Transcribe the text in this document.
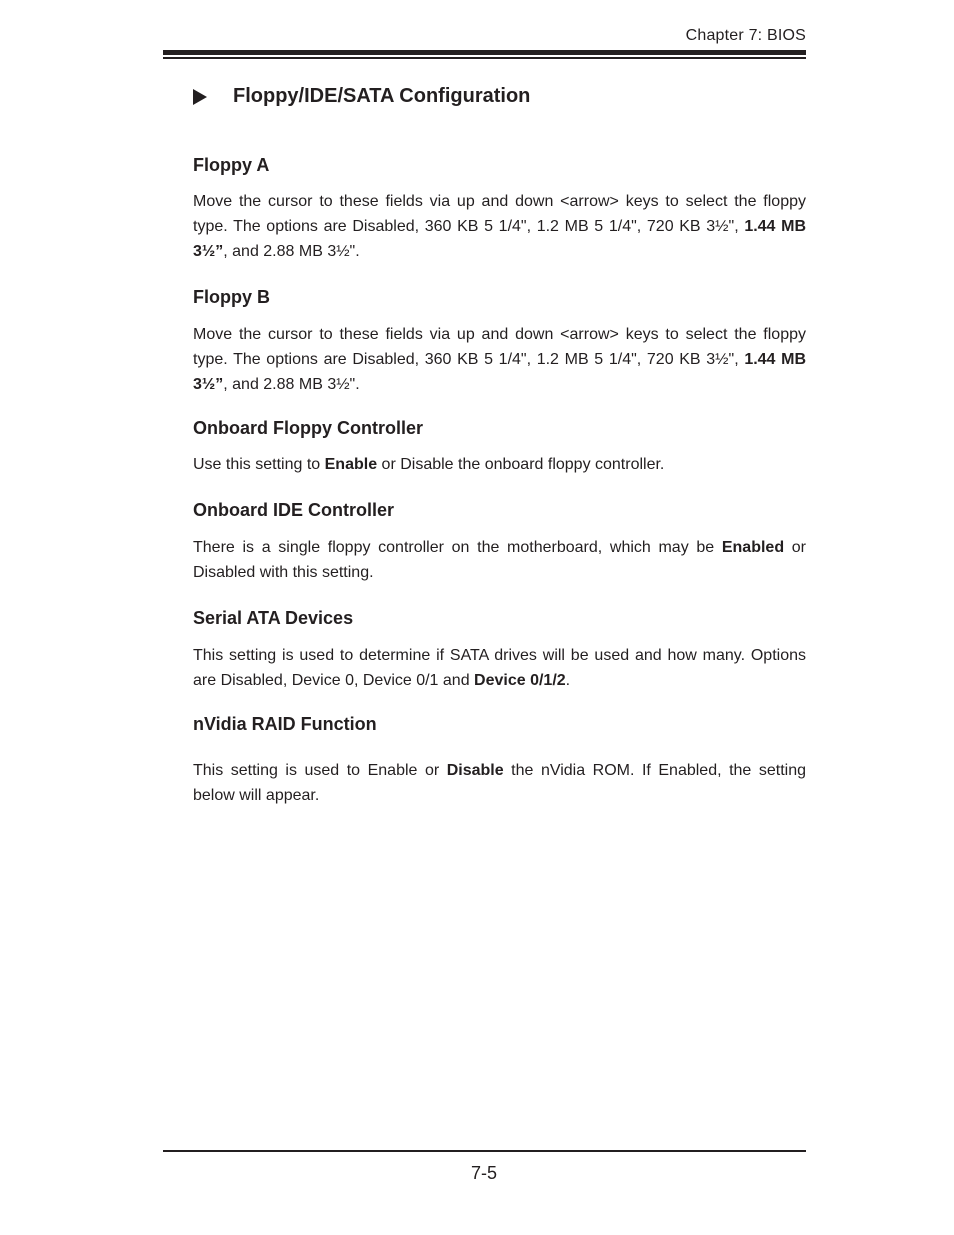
Chapter 7: BIOS
Floppy/IDE/SATA Configuration
Floppy A
Move the cursor to these fields via up and down <arrow> keys to select the floppy type. The options are Disabled, 360 KB 5 1/4", 1.2 MB 5 1/4", 720 KB 3½", 1.44 MB 3½”, and 2.88 MB 3½".
Floppy B
Move the cursor to these fields via up and down <arrow> keys to select the floppy type. The options are Disabled, 360 KB 5 1/4", 1.2 MB 5 1/4", 720 KB 3½", 1.44 MB 3½”, and 2.88 MB 3½".
Onboard Floppy Controller
Use this setting to Enable or Disable the onboard floppy controller.
Onboard IDE Controller
There is a single floppy controller on the motherboard, which may be Enabled or Disabled with this setting.
Serial ATA Devices
This setting is used to determine if SATA drives will be used and how many. Options are Disabled, Device 0, Device 0/1 and Device 0/1/2.
nVidia RAID Function
This setting is used to Enable or Disable the nVidia ROM. If Enabled, the setting below will appear.
7-5
